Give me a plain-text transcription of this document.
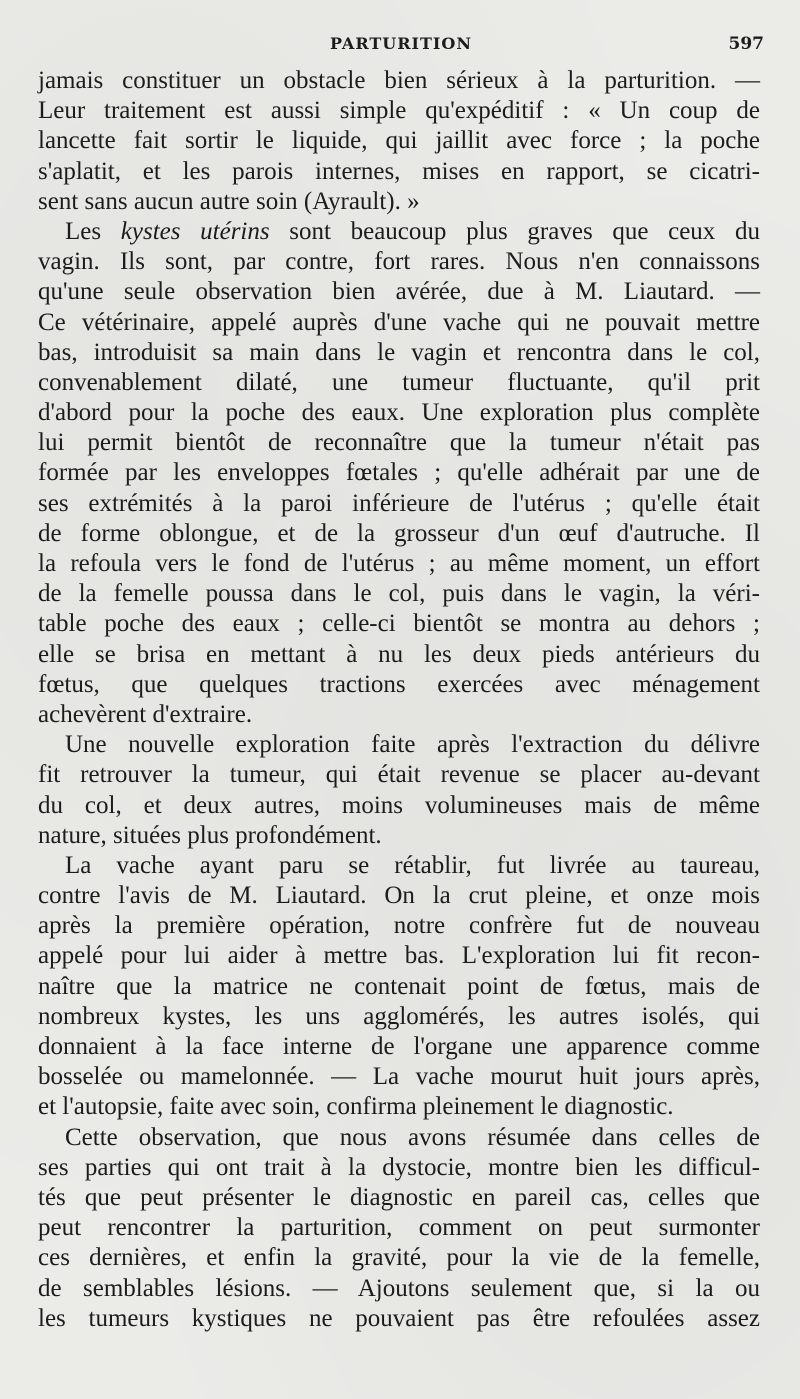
PARTURITION	597
jamais constituer un obstacle bien sérieux à la parturition. —
Leur traitement est aussi simple qu'expéditif : « Un coup de
lancette fait sortir le liquide, qui jaillit avec force ; la poche
s'aplatit, et les parois internes, mises en rapport, se cicatri-
sent sans aucun autre soin (Ayrault). »
Les kystes utérins sont beaucoup plus graves que ceux du
vagin. Ils sont, par contre, fort rares. Nous n'en connaissons
qu'une seule observation bien avérée, due à M. Liautard. —
Ce vétérinaire, appelé auprès d'une vache qui ne pouvait mettre
bas, introduisit sa main dans le vagin et rencontra dans le col,
convenablement dilaté, une tumeur fluctuante, qu'il prit
d'abord pour la poche des eaux. Une exploration plus complète
lui permit bientôt de reconnaître que la tumeur n'était pas
formée par les enveloppes fœtales ; qu'elle adhérait par une de
ses extrémités à la paroi inférieure de l'utérus ; qu'elle était
de forme oblongue, et de la grosseur d'un œuf d'autruche. Il
la refoula vers le fond de l'utérus ; au même moment, un effort
de la femelle poussa dans le col, puis dans le vagin, la véri-
table poche des eaux ; celle-ci bientôt se montra au dehors ;
elle se brisa en mettant à nu les deux pieds antérieurs du
fœtus, que quelques tractions exercées avec ménagement
achevèrent d'extraire.
Une nouvelle exploration faite après l'extraction du délivre
fit retrouver la tumeur, qui était revenue se placer au-devant
du col, et deux autres, moins volumineuses mais de même
nature, situées plus profondément.
La vache ayant paru se rétablir, fut livrée au taureau,
contre l'avis de M. Liautard. On la crut pleine, et onze mois
après la première opération, notre confrère fut de nouveau
appelé pour lui aider à mettre bas. L'exploration lui fit recon-
naître que la matrice ne contenait point de fœtus, mais de
nombreux kystes, les uns agglomérés, les autres isolés, qui
donnaient à la face interne de l'organe une apparence comme
bosselée ou mamelonnée. — La vache mourut huit jours après,
et l'autopsie, faite avec soin, confirma pleinement le diagnostic.
Cette observation, que nous avons résumée dans celles de
ses parties qui ont trait à la dystocie, montre bien les difficul-
tés que peut présenter le diagnostic en pareil cas, celles que
peut rencontrer la parturition, comment on peut surmonter
ces dernières, et enfin la gravité, pour la vie de la femelle,
de semblables lésions. — Ajoutons seulement que, si la ou
les tumeurs kystiques ne pouvaient pas être refoulées assez
